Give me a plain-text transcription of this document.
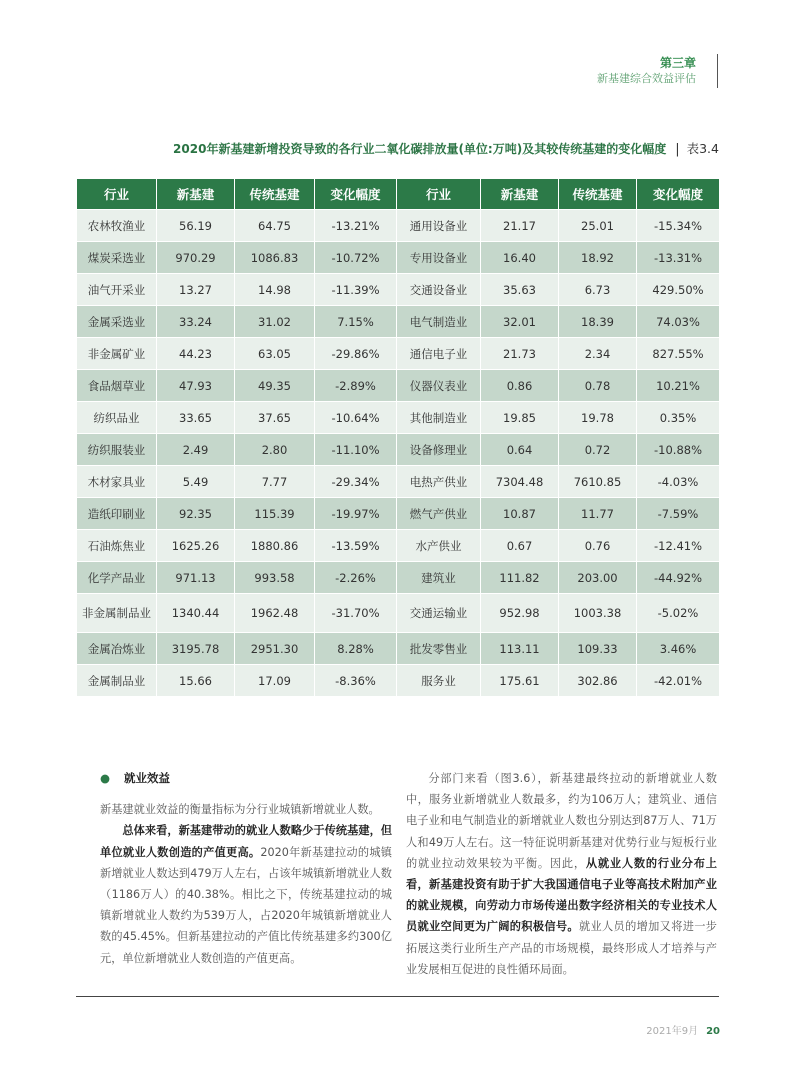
第三章
新基建综合效益评估
2020年新基建新增投资导致的各行业二氧化碳排放量(单位:万吨)及其较传统基建的变化幅度 | 表3.4
行业	新基建	传统基建	变化幅度	行业	新基建	传统基建	变化幅度
农林牧渔业	56.19	64.75	-13.21%	通用设备业	21.17	25.01	-15.34%
煤炭采选业	970.29	1086.83	-10.72%	专用设备业	16.40	18.92	-13.31%
油气开采业	13.27	14.98	-11.39%	交通设备业	35.63	6.73	429.50%
金属采选业	33.24	31.02	7.15%	电气制造业	32.01	18.39	74.03%
非金属矿业	44.23	63.05	-29.86%	通信电子业	21.73	2.34	827.55%
食品烟草业	47.93	49.35	-2.89%	仪器仪表业	0.86	0.78	10.21%
纺织品业	33.65	37.65	-10.64%	其他制造业	19.85	19.78	0.35%
纺织服装业	2.49	2.80	-11.10%	设备修理业	0.64	0.72	-10.88%
木材家具业	5.49	7.77	-29.34%	电热产供业	7304.48	7610.85	-4.03%
造纸印刷业	92.35	115.39	-19.97%	燃气产供业	10.87	11.77	-7.59%
石油炼焦业	1625.26	1880.86	-13.59%	水产供业	0.67	0.76	-12.41%
化学产品业	971.13	993.58	-2.26%	建筑业	111.82	203.00	-44.92%
非金属制品业	1340.44	1962.48	-31.70%	交通运输业	952.98	1003.38	-5.02%
金属冶炼业	3195.78	2951.30	8.28%	批发零售业	113.11	109.33	3.46%
金属制品业	15.66	17.09	-8.36%	服务业	175.61	302.86	-42.01%
● 就业效益

新基建就业效益的衡量指标为分行业城镇新增就业人数。

总体来看，新基建带动的就业人数略少于传统基建，但单位就业人数创造的产值更高。2020年新基建拉动的城镇新增就业人数达到479万人左右，占该年城镇新增就业人数（1186万人）的40.38%。相比之下，传统基建拉动的城镇新增就业人数约为539万人，占2020年城镇新增就业人数的45.45%。但新基建拉动的产值比传统基建多约300亿元，单位新增就业人数创造的产值更高。

分部门来看（图3.6），新基建最终拉动的新增就业人数中，服务业新增就业人数最多，约为106万人；建筑业、通信电子业和电气制造业的新增就业人数也分别达到87万人、71万人和49万人左右。这一特征说明新基建对优势行业与短板行业的就业拉动效果较为平衡。因此，从就业人数的行业分布上看，新基建投资有助于扩大我国通信电子业等高技术附加产业的就业规模，向劳动力市场传递出数字经济相关的专业技术人员就业空间更为广阔的积极信号。就业人员的增加又将进一步拓展这类行业所生产产品的市场规模，最终形成人才培养与产业发展相互促进的良性循环局面。

2021年9月 20
